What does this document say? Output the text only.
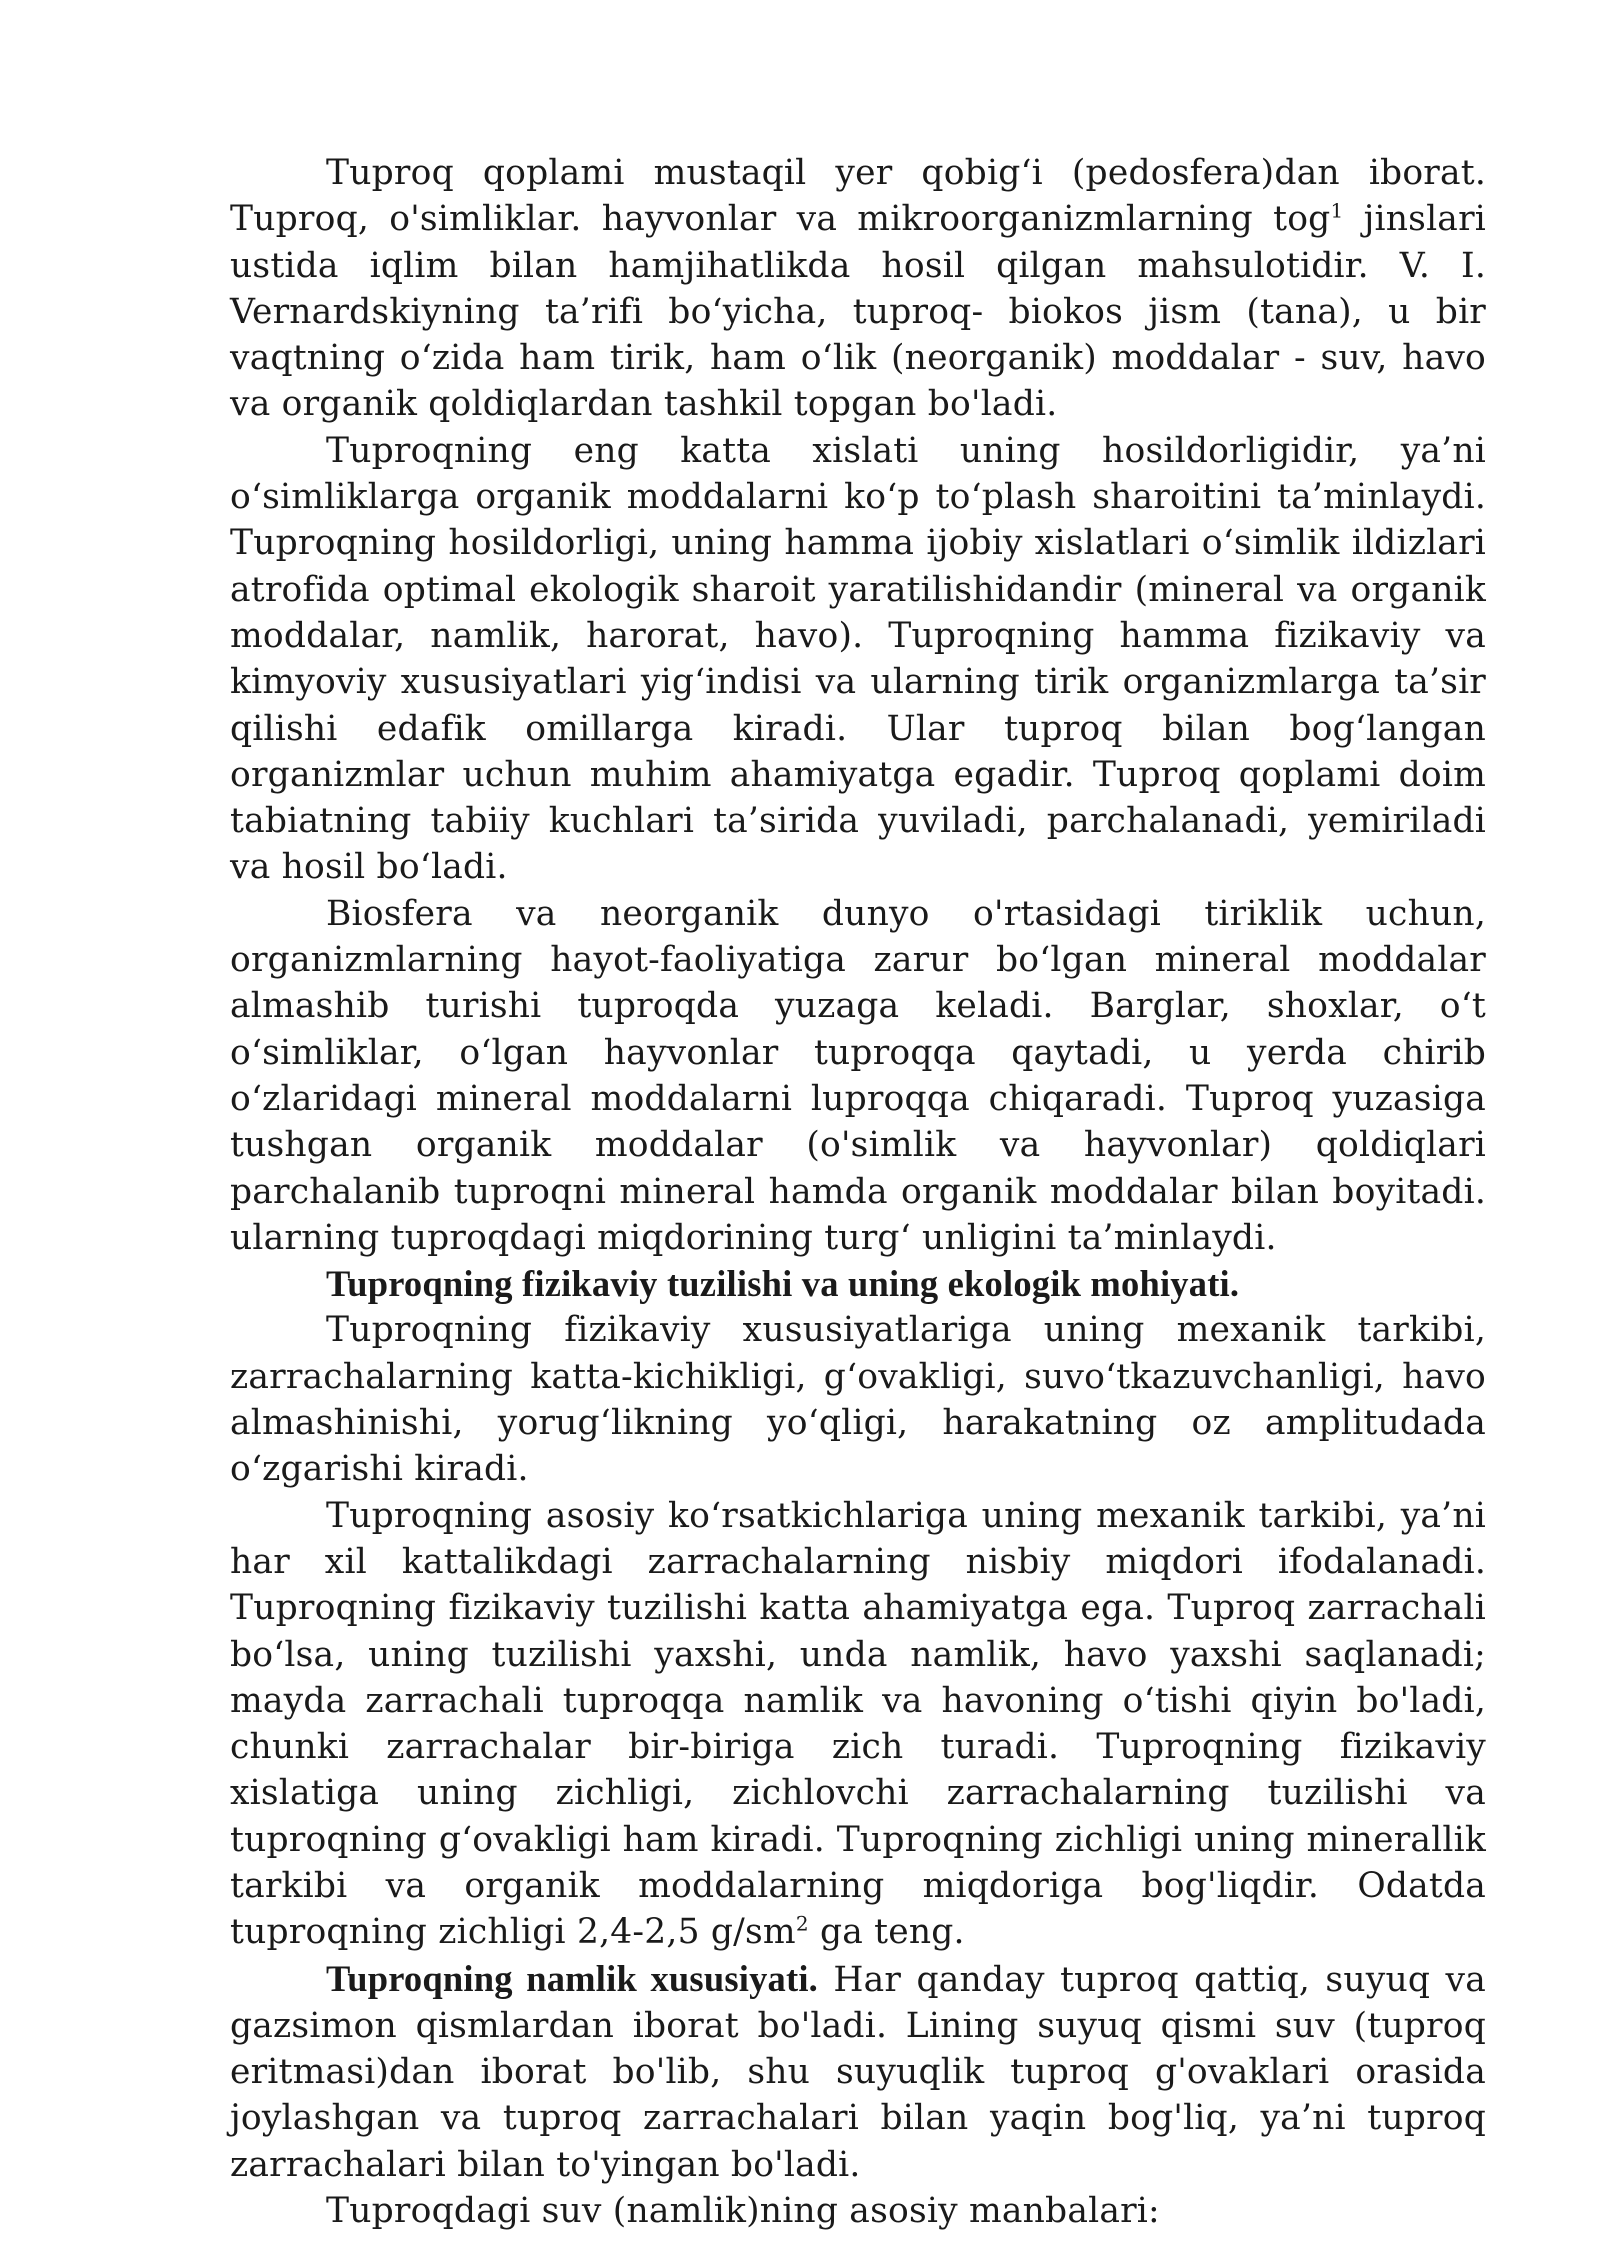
Tuproq qoplami mustaqil yer qobig‘i (pedosfera)dan iborat. Tuproq, o'simliklar. hayvonlar va mikroorganizmlarning tog$^1$ jinslari ustida iqlim bilan hamjihatlikda hosil qilgan mahsulotidir. V. I. Vernardskiyning ta’rifi bo‘yicha, tuproq- biokos jism (tana), u bir vaqtning o‘zida ham tirik, ham o‘lik (neorganik) moddalar - suv, havo va organik qoldiqlardan tashkil topgan bo'ladi.

Tuproqning eng katta xislati uning hosildorligidir, ya’ni o‘simliklarga organik moddalarni ko‘p to‘plash sharoitini ta’minlaydi. Tuproqning hosildorligi, uning hamma ijobiy xislatlari o‘simlik ildizlari atrofida optimal ekologik sharoit yaratilishidandir (mineral va organik moddalar, namlik, harorat, havo). Tuproqning hamma fizikaviy va kimyoviy xususiyatlari yig‘indisi va ularning tirik organizmlarga ta’sir qilishi edafik omillarga kiradi. Ular tuproq bilan bog‘langan organizmlar uchun muhim ahamiyatga egadir. Tuproq qoplami doim tabiatning tabiiy kuchlari ta’sirida yuviladi, parchalanadi, yemiriladi va hosil bo‘ladi.

Biosfera va neorganik dunyo o'rtasidagi tiriklik uchun, organizmlarning hayot-faoliyatiga zarur bo‘lgan mineral moddalar almashib turishi tuproqda yuzaga keladi. Barglar, shoxlar, o‘t o‘simliklar, o‘lgan hayvonlar tuproqqa qaytadi, u yerda chirib o‘zlaridagi mineral moddalarni luproqqa chiqaradi. Tuproq yuzasiga tushgan organik moddalar (o'simlik va hayvonlar) qoldiqlari parchalanib tuproqni mineral hamda organik moddalar bilan boyitadi. ularning tuproqdagi miqdorining turg‘ unligini ta’minlaydi.

Tuproqning fizikaviy tuzilishi va uning ekologik mohiyati.

Tuproqning fizikaviy xususiyatlariga uning mexanik tarkibi, zarrachalarning katta-kichikligi, g‘ovakligi, suvo‘tkazuvchanligi, havo almashinishi, yorug‘likning yo‘qligi, harakatning oz amplitudada o‘zgarishi kiradi.

Tuproqning asosiy ko‘rsatkichlariga uning mexanik tarkibi, ya’ni har xil kattalikdagi zarrachalarning nisbiy miqdori ifodalanadi. Tuproqning fizikaviy tuzilishi katta ahamiyatga ega. Tuproq zarrachali bo‘lsa, uning tuzilishi yaxshi, unda namlik, havo yaxshi saqlanadi; mayda zarrachali tuproqqa namlik va havoning o‘tishi qiyin bo'ladi, chunki zarrachalar bir-biriga zich turadi. Tuproqning fizikaviy xislatiga uning zichligi, zichlovchi zarrachalarning tuzilishi va tuproqning g‘ovakligi ham kiradi. Tuproqning zichligi uning minerallik tarkibi va organik moddalarning miqdoriga bog'liqdir. Odatda tuproqning zichligi 2,4-2,5 $g/sm^2$ ga teng.

Tuproqning namlik xususiyati. Har qanday tuproq qattiq, suyuq va gazsimon qismlardan iborat bo'ladi. Lining suyuq qismi suv (tuproq eritmasi)dan iborat bo'lib, shu suyuqlik tuproq g'ovaklari orasida joylashgan va tuproq zarrachalari bilan yaqin bog'liq, ya’ni tuproq zarrachalari bilan to'yingan bo'ladi.

Tuproqdagi suv (namlik)ning asosiy manbalari:
